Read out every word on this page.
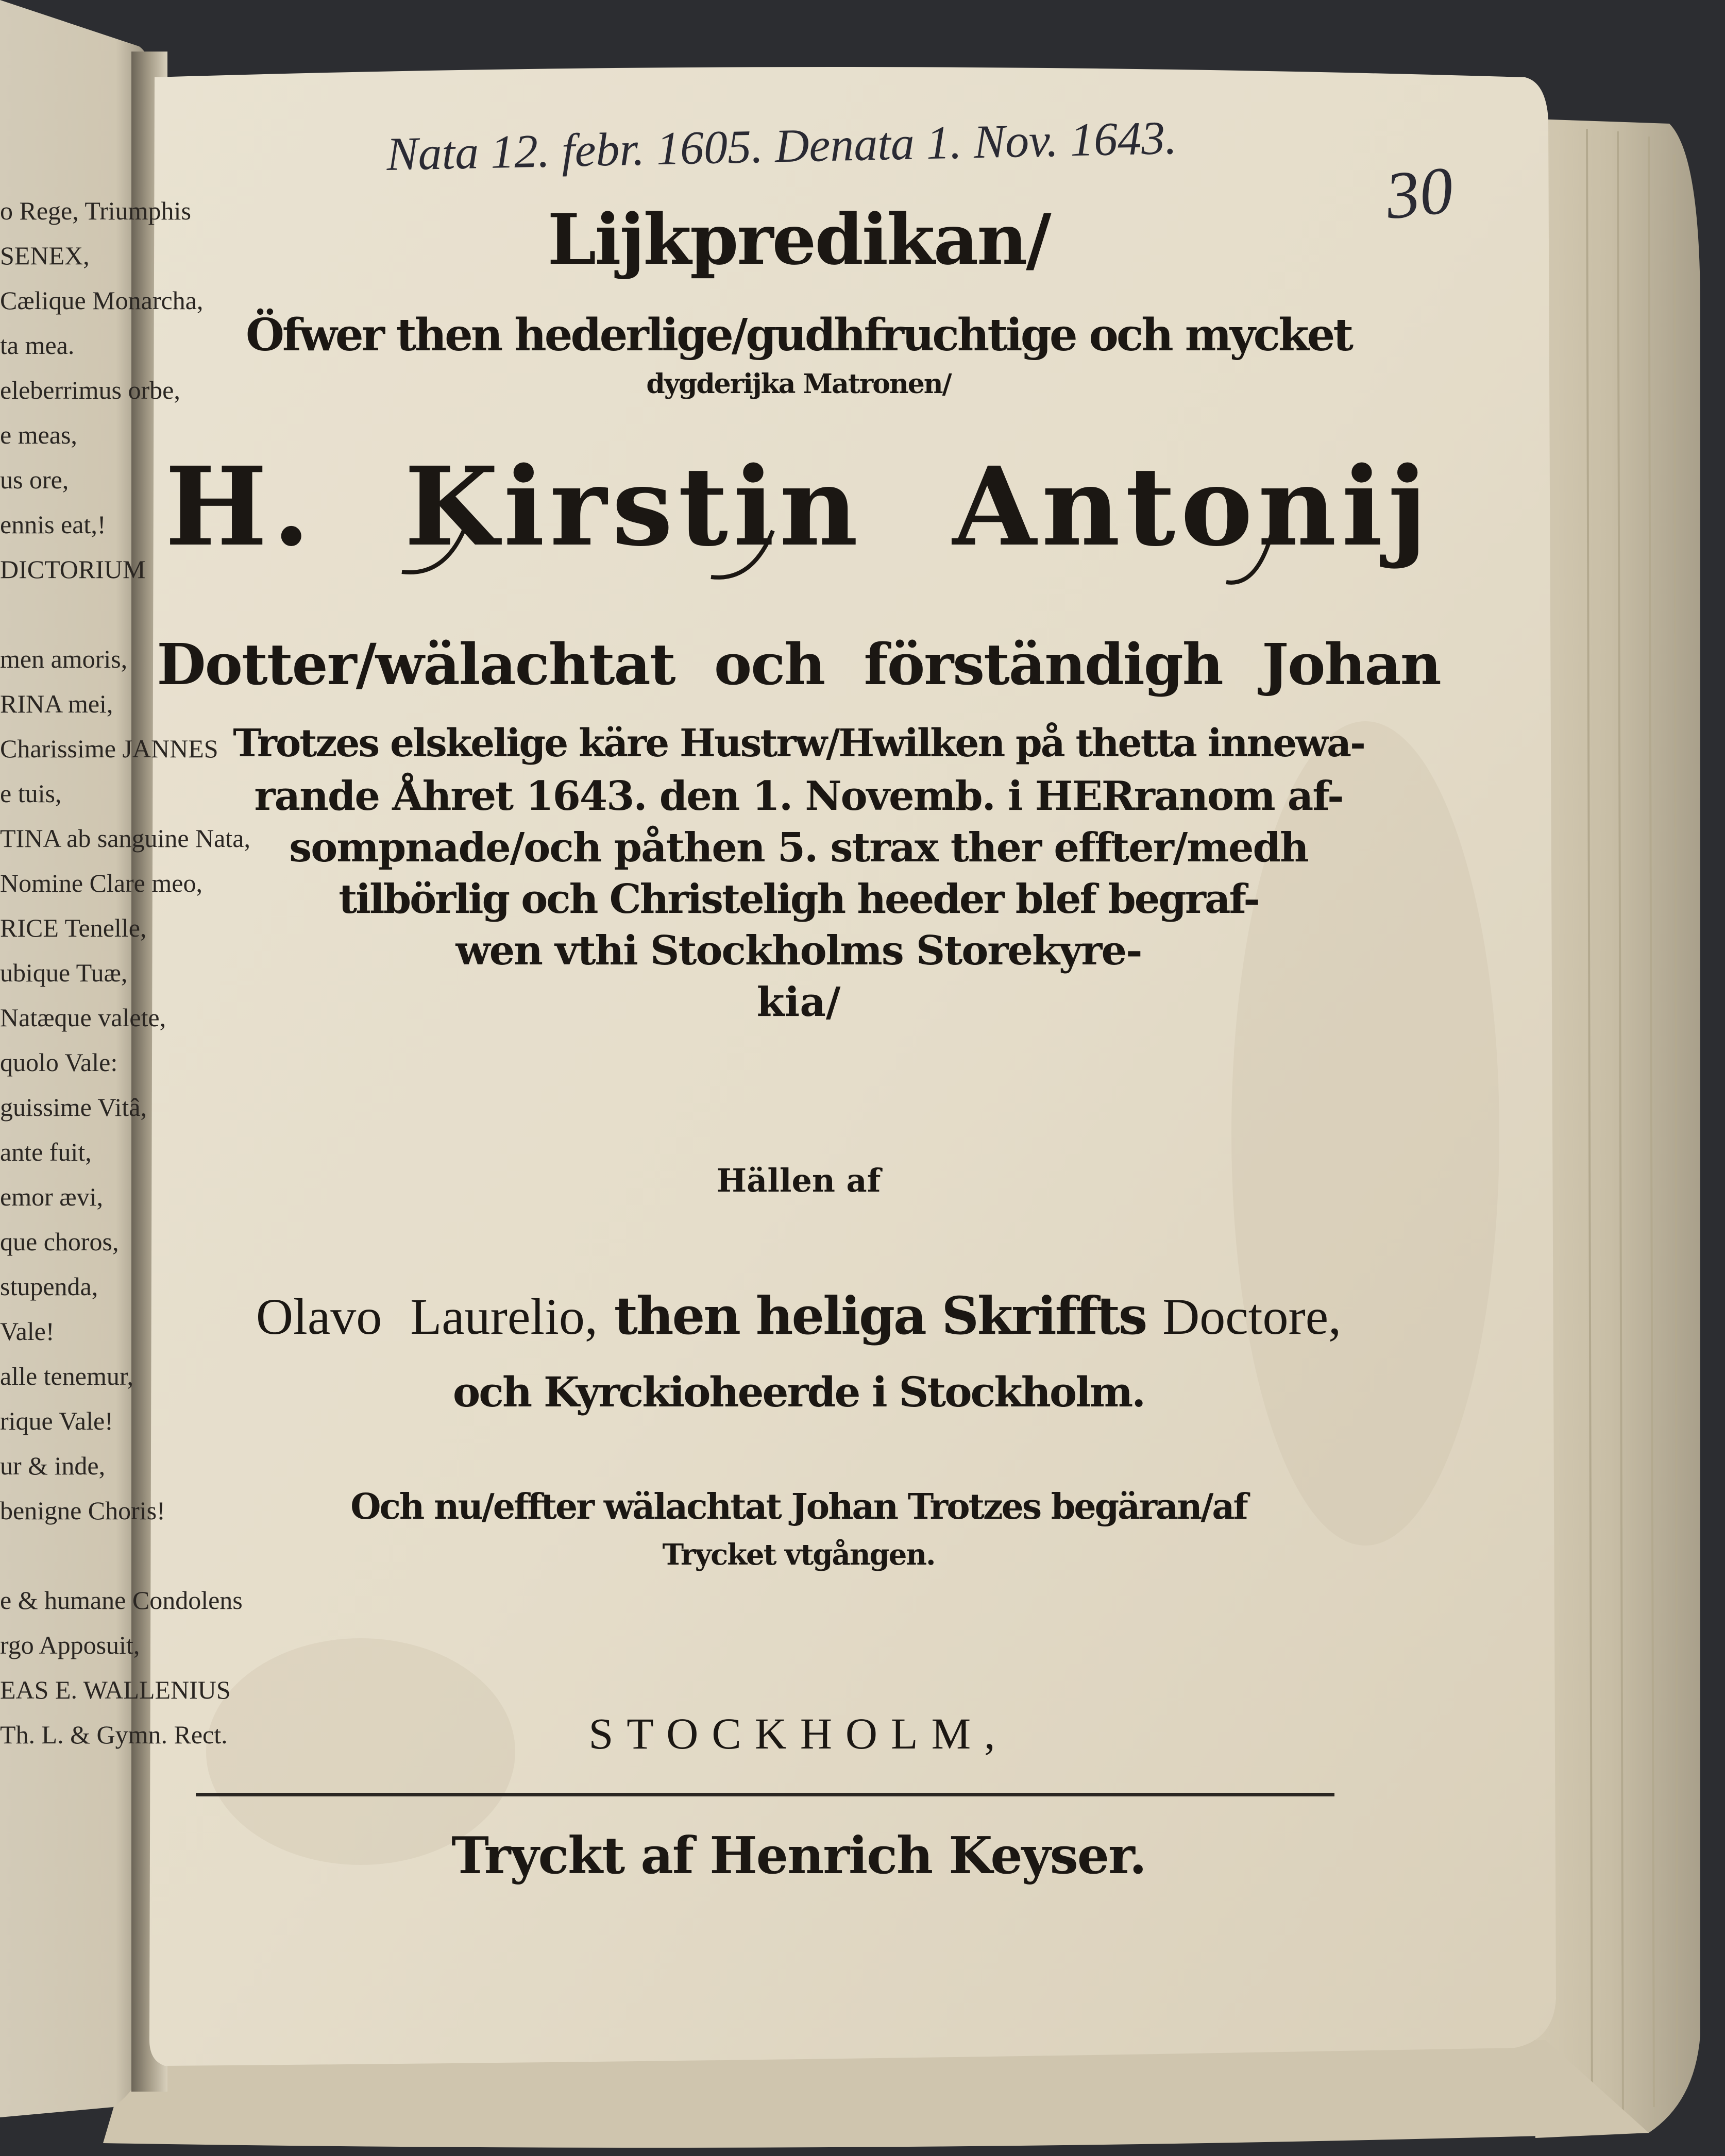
Nata 12. febr. 1605. Denata 1. Nov. 1643.
30
o Rege, Triumphis
SENEX,
Cælique Monarcha,
ta mea.
eleberrimus orbe,
e meas,
us ore,
ennis eat,!
DICTORIUM
men amoris,
RINA mei,
Charissime JANNES
e tuis,
TINA ab sanguine Nata,
Nomine Clare meo,
RICE Tenelle,
ubique Tuæ,
Natæque valete,
quolo Vale:
guissime Vitâ,
ante fuit,
emor ævi,
que choros,
stupenda,
Vale!
alle tenemur,
rique Vale!
ur & inde,
benigne Choris!
e & humane Condolens
rgo Apposuit,
EAS E. WALLENIUS
Th. L. & Gymn. Rect.
Lijkpredikan/
Öfwer then hederlige/gudhfruchtige och mycket
dygderijka Matronen/
H. Kirstin Antonij
Dotter/wälachtat och förständigh Johan
Trotzes elskelige käre Hustrw/Hwilken på thetta innewa-
rande Åhret 1643. den 1. Novemb. i HERranom af-
sompnade/och påthen 5. strax ther effter/medh
tilbörlig och Christeligh heeder blef begraf-
wen vthi Stockholms Storekyre-
kia/
Hällen af
Olavo Laurelio, then heliga Skriffts Doctore,
och Kyrckioheerde i Stockholm.
Och nu/effter wälachtat Johan Trotzes begäran/af
Trycket vtgången.
STOCKHOLM,
Tryckt af Henrich Keyser.
